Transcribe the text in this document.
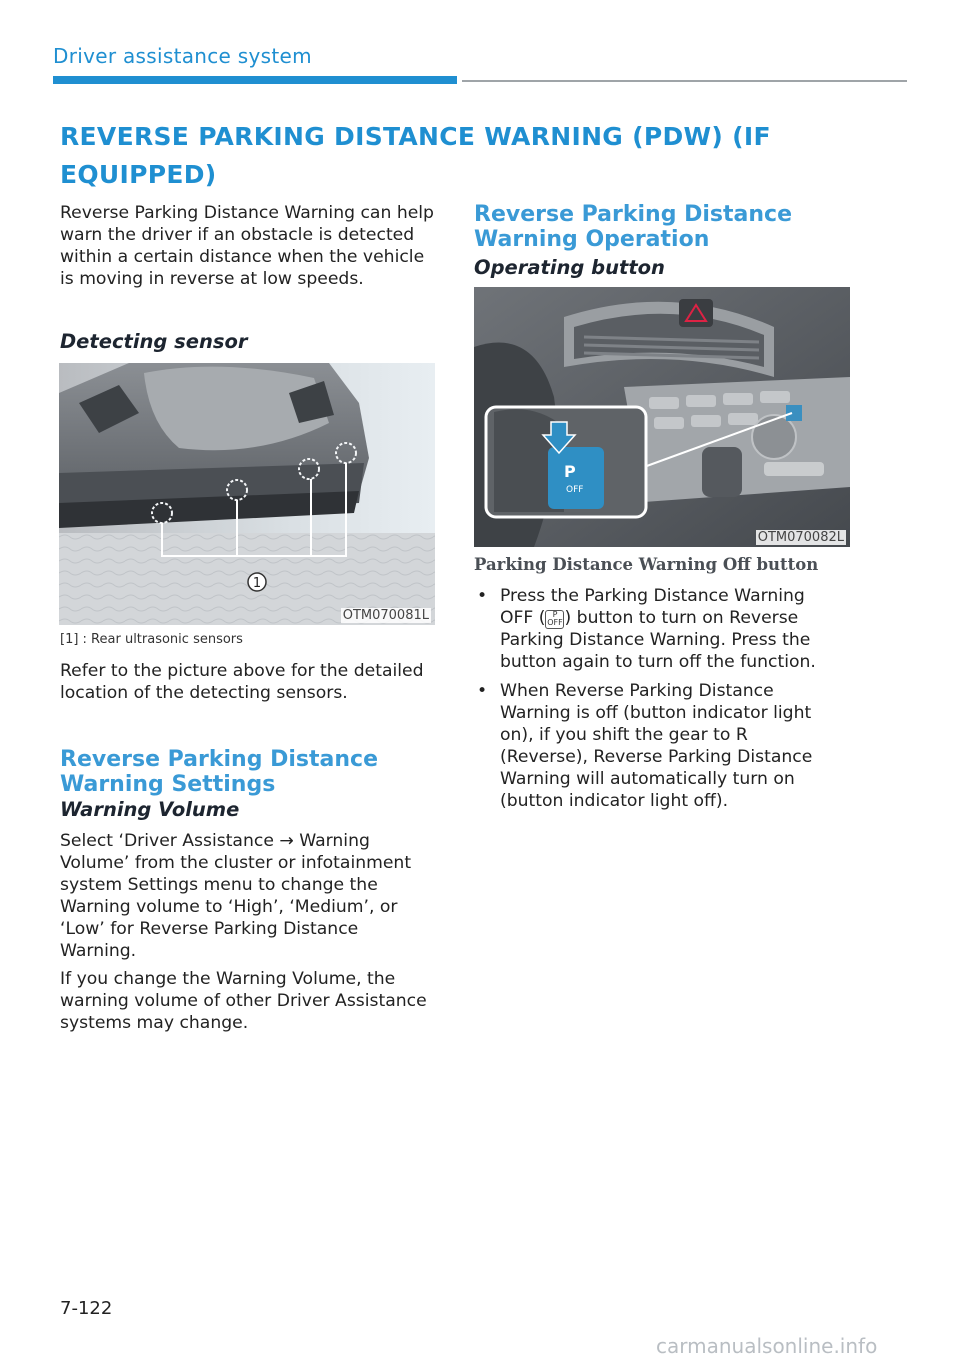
Driver assistance system
REVERSE PARKING DISTANCE WARNING (PDW) (IF EQUIPPED)
Reverse Parking Distance Warning can help warn the driver if an obstacle is detected within a certain distance when the vehicle is moving in reverse at low speeds.
Detecting sensor
1
OTM070081L
[1] : Rear ultrasonic sensors
Refer to the picture above for the detailed location of the detecting sensors.
Reverse Parking Distance Warning Settings
Warning Volume
Select ‘Driver Assistance → Warning Volume’ from the cluster or infotainment system Settings menu to change the Warning volume to ‘High’, ‘Medium’, or ‘Low’ for Reverse Parking Distance Warning.
If you change the Warning Volume, the warning volume of other Driver Assistance systems may change.
Reverse Parking Distance Warning Operation
Operating button
P
OFF
OTM070082L
Parking Distance Warning Off button
• Press the Parking Distance Warning OFF ( P
OFF ) button to turn on Reverse Parking Distance Warning. Press the button again to turn off the function.
• When Reverse Parking Distance Warning is off (button indicator light on), if you shift the gear to R (Reverse), Reverse Parking Distance Warning will automatically turn on (button indicator light off).
7-122
carmanualsonline.info
